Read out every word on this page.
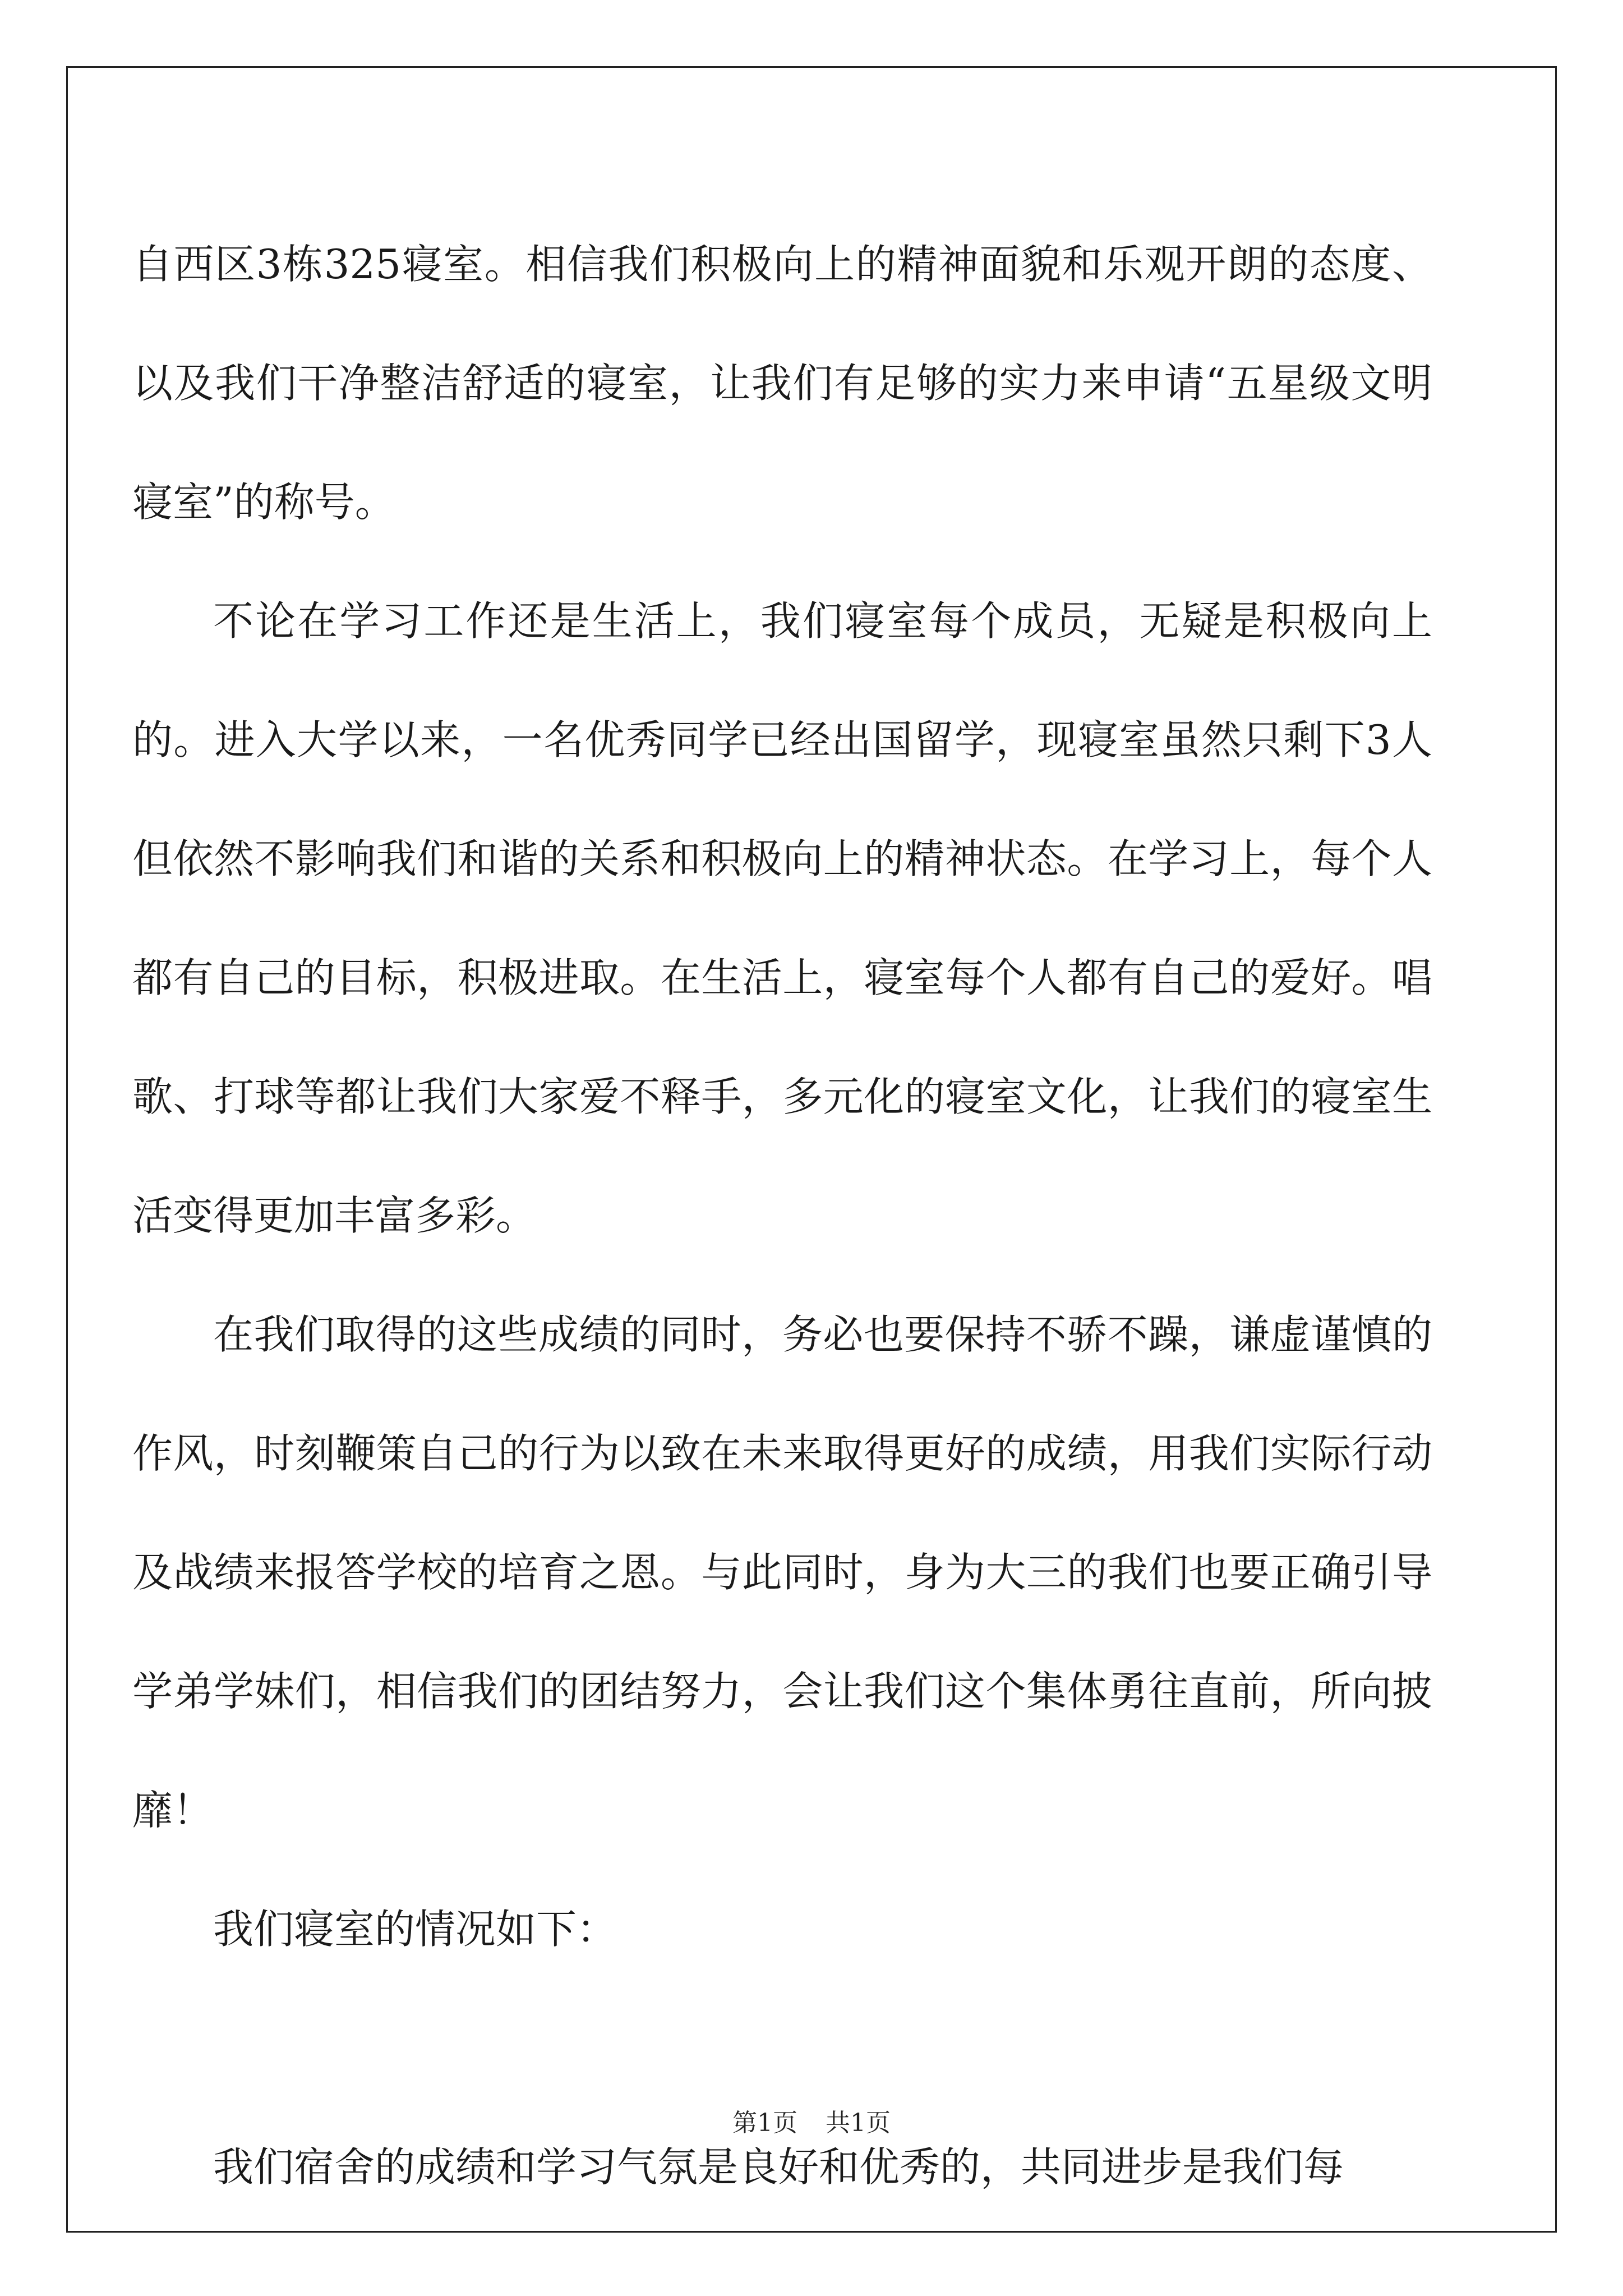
自西区3栋325寝室。相信我们积极向上的精神面貌和乐观开朗的态度、以及我们干净整洁舒适的寝室，让我们有足够的实力来申请“五星级文明寝室”的称号。

不论在学习工作还是生活上，我们寝室每个成员，无疑是积极向上的。进入大学以来，一名优秀同学已经出国留学，现寝室虽然只剩下3人但依然不影响我们和谐的关系和积极向上的精神状态。在学习上，每个人都有自己的目标，积极进取。在生活上，寝室每个人都有自己的爱好。唱歌、打球等都让我们大家爱不释手，多元化的寝室文化，让我们的寝室生活变得更加丰富多彩。

在我们取得的这些成绩的同时，务必也要保持不骄不躁，谦虚谨慎的作风，时刻鞭策自己的行为以致在未来取得更好的成绩，用我们实际行动及战绩来报答学校的培育之恩。与此同时，身为大三的我们也要正确引导学弟学妹们，相信我们的团结努力，会让我们这个集体勇往直前，所向披靡！

我们寝室的情况如下：

我们宿舍的成绩和学习气氛是良好和优秀的，共同进步是我们每

第1页 共1页
